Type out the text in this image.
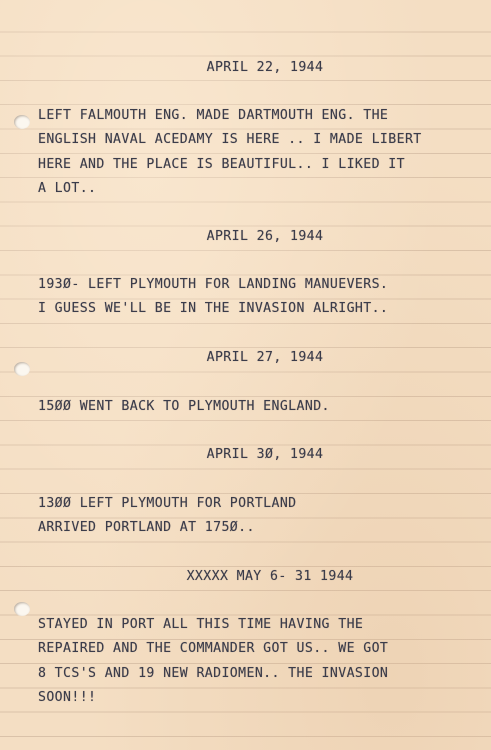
APRIL 22, 1944
LEFT FALMOUTH ENG. MADE DARTMOUTH ENG. THE
ENGLISH NAVAL ACEDAMY IS HERE .. I MADE LIBERT
HERE AND THE PLACE IS BEAUTIFUL.. I LIKED IT
A LOT..
APRIL 26, 1944
193Ø- LEFT PLYMOUTH FOR LANDING MANUEVERS.
I GUESS WE'LL BE IN THE INVASION ALRIGHT..
APRIL 27, 1944
15ØØ WENT BACK TO PLYMOUTH ENGLAND.
APRIL 3Ø, 1944
13ØØ LEFT PLYMOUTH FOR PORTLAND
ARRIVED PORTLAND AT 175Ø..
XXXXX MAY 6- 31 1944
STAYED IN PORT ALL THIS TIME HAVING THE
REPAIRED AND THE COMMANDER GOT US.. WE GOT
8 TCS'S AND 19 NEW RADIOMEN.. THE INVASION
SOON!!!
